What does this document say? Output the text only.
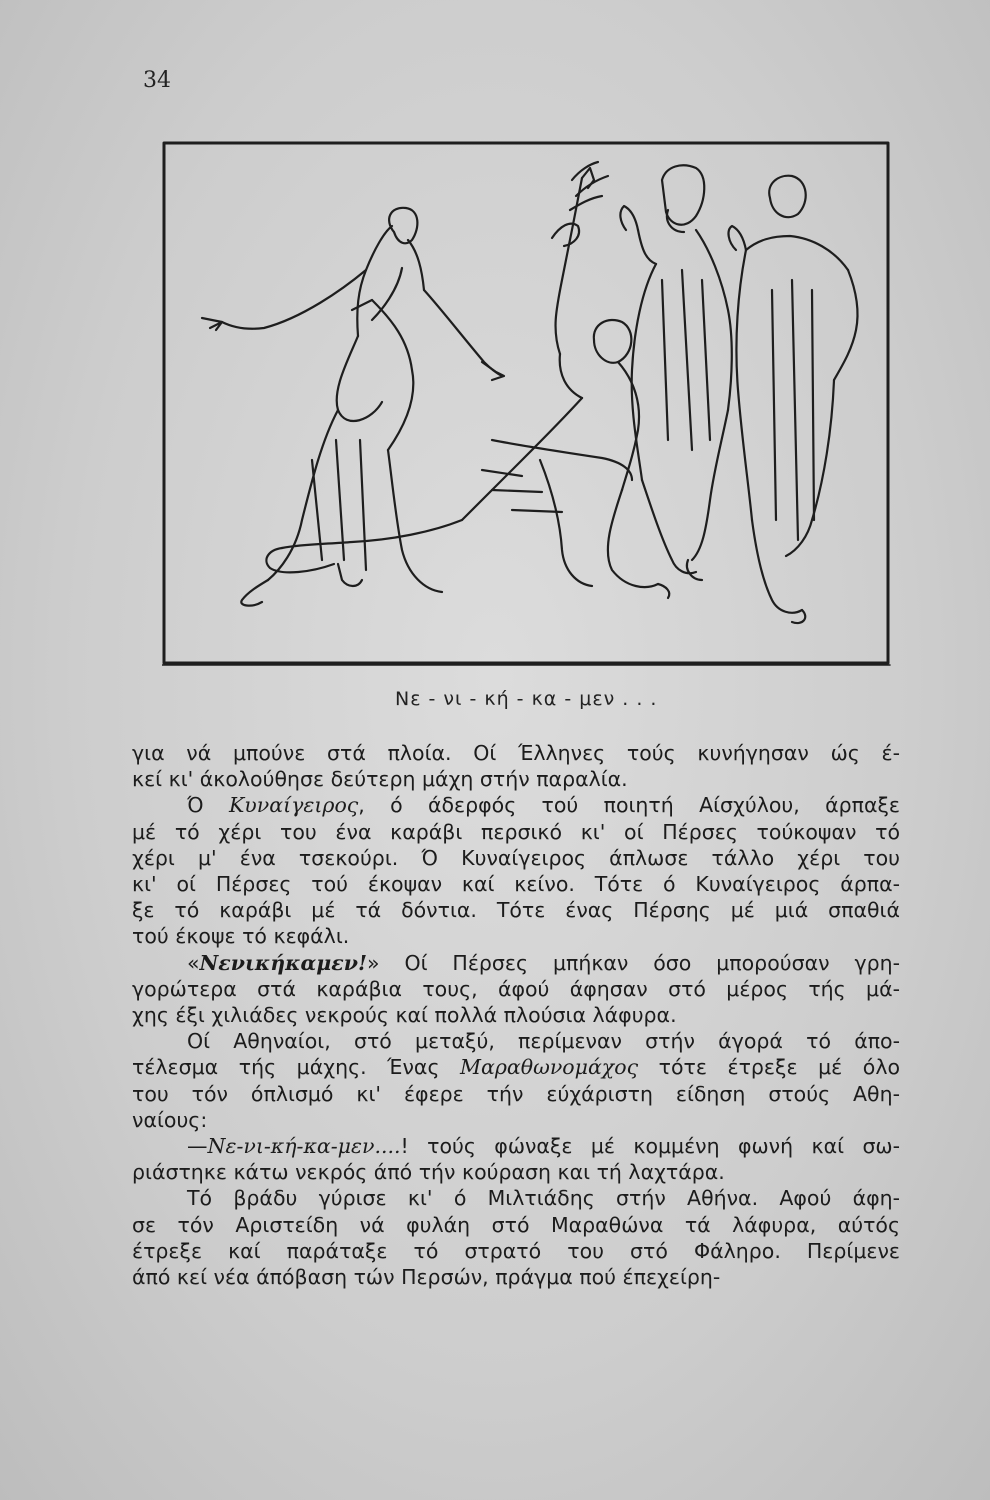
34
Νε - νι - κή - κα - μεν . . .
για νά μπούνε στά πλοία. Οί Έλληνες τούς κυνήγησαν ώς έ-
κεί κι' άκολούθησε δεύτερη μάχη στήν παραλία.
Ό Κυναίγειρος, ό άδερφός τού ποιητή Αίσχύλου, άρπαξε
μέ τό χέρι του ένα καράβι περσικό κι' οί Πέρσες τούκοψαν τό
χέρι μ' ένα τσεκούρι. Ό Κυναίγειρος άπλωσε τάλλο χέρι του
κι' οί Πέρσες τού έκοψαν καί κείνο. Τότε ό Κυναίγειρος άρπα-
ξε τό καράβι μέ τά δόντια. Τότε ένας Πέρσης μέ μιά σπαθιά
τού έκοψε τό κεφάλι.
«Νενικήκαμεν!» Οί Πέρσες μπήκαν όσο μπορούσαν γρη-
γορώτερα στά καράβια τους, άφού άφησαν στό μέρος τής μά-
χης έξι χιλιάδες νεκρούς καί πολλά πλούσια λάφυρα.
Οί Αθηναίοι, στό μεταξύ, περίμεναν στήν άγορά τό άπο-
τέλεσμα τής μάχης. Ένας Μαραθωνομάχος τότε έτρεξε μέ όλο
του τόν όπλισμό κι' έφερε τήν εύχάριστη είδηση στούς Αθη-
ναίους:
—Νε-νι-κή-κα-μεν....! τούς φώναξε μέ κομμένη φωνή καί σω-
ριάστηκε κάτω νεκρός άπό τήν κούραση και τή λαχτάρα.
Τό βράδυ γύρισε κι' ό Μιλτιάδης στήν Αθήνα. Αφού άφη-
σε τόν Αριστείδη νά φυλάη στό Μαραθώνα τά λάφυρα, αύτός
έτρεξε καί παράταξε τό στρατό του στό Φάληρο. Περίμενε
άπό κεί νέα άπόβαση τών Περσών, πράγμα πού έπεχείρη-
